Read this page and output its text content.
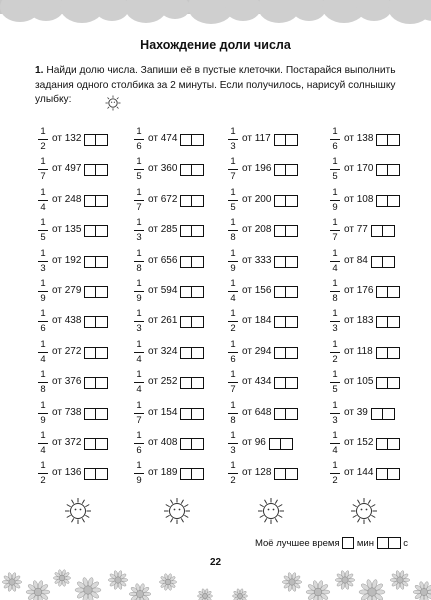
Нахождение доли числа
1. Найди долю числа. Запиши её в пустые клеточки. Постарайся выполнить задания одного столбика за 2 минуты. Если получилось, нарисуй солнышку улыбку:
1
2
от 132
1
7
от 497
1
4
от 248
1
5
от 135
1
3
от 192
1
9
от 279
1
6
от 438
1
4
от 272
1
8
от 376
1
9
от 738
1
4
от 372
1
2
от 136
1
6
от 474
1
5
от 360
1
7
от 672
1
3
от 285
1
8
от 656
1
9
от 594
1
3
от 261
1
4
от 324
1
4
от 252
1
7
от 154
1
6
от 408
1
9
от 189
1
3
от 117
1
7
от 196
1
5
от 200
1
8
от 208
1
9
от 333
1
4
от 156
1
2
от 184
1
6
от 294
1
7
от 434
1
8
от 648
1
3
от 96
1
2
от 128
1
6
от 138
1
5
от 170
1
9
от 108
1
7
от 77
1
4
от 84
1
8
от 176
1
3
от 183
1
2
от 118
1
5
от 105
1
3
от 39
1
4
от 152
1
2
от 144
Моё лучшее время мин	с
22
